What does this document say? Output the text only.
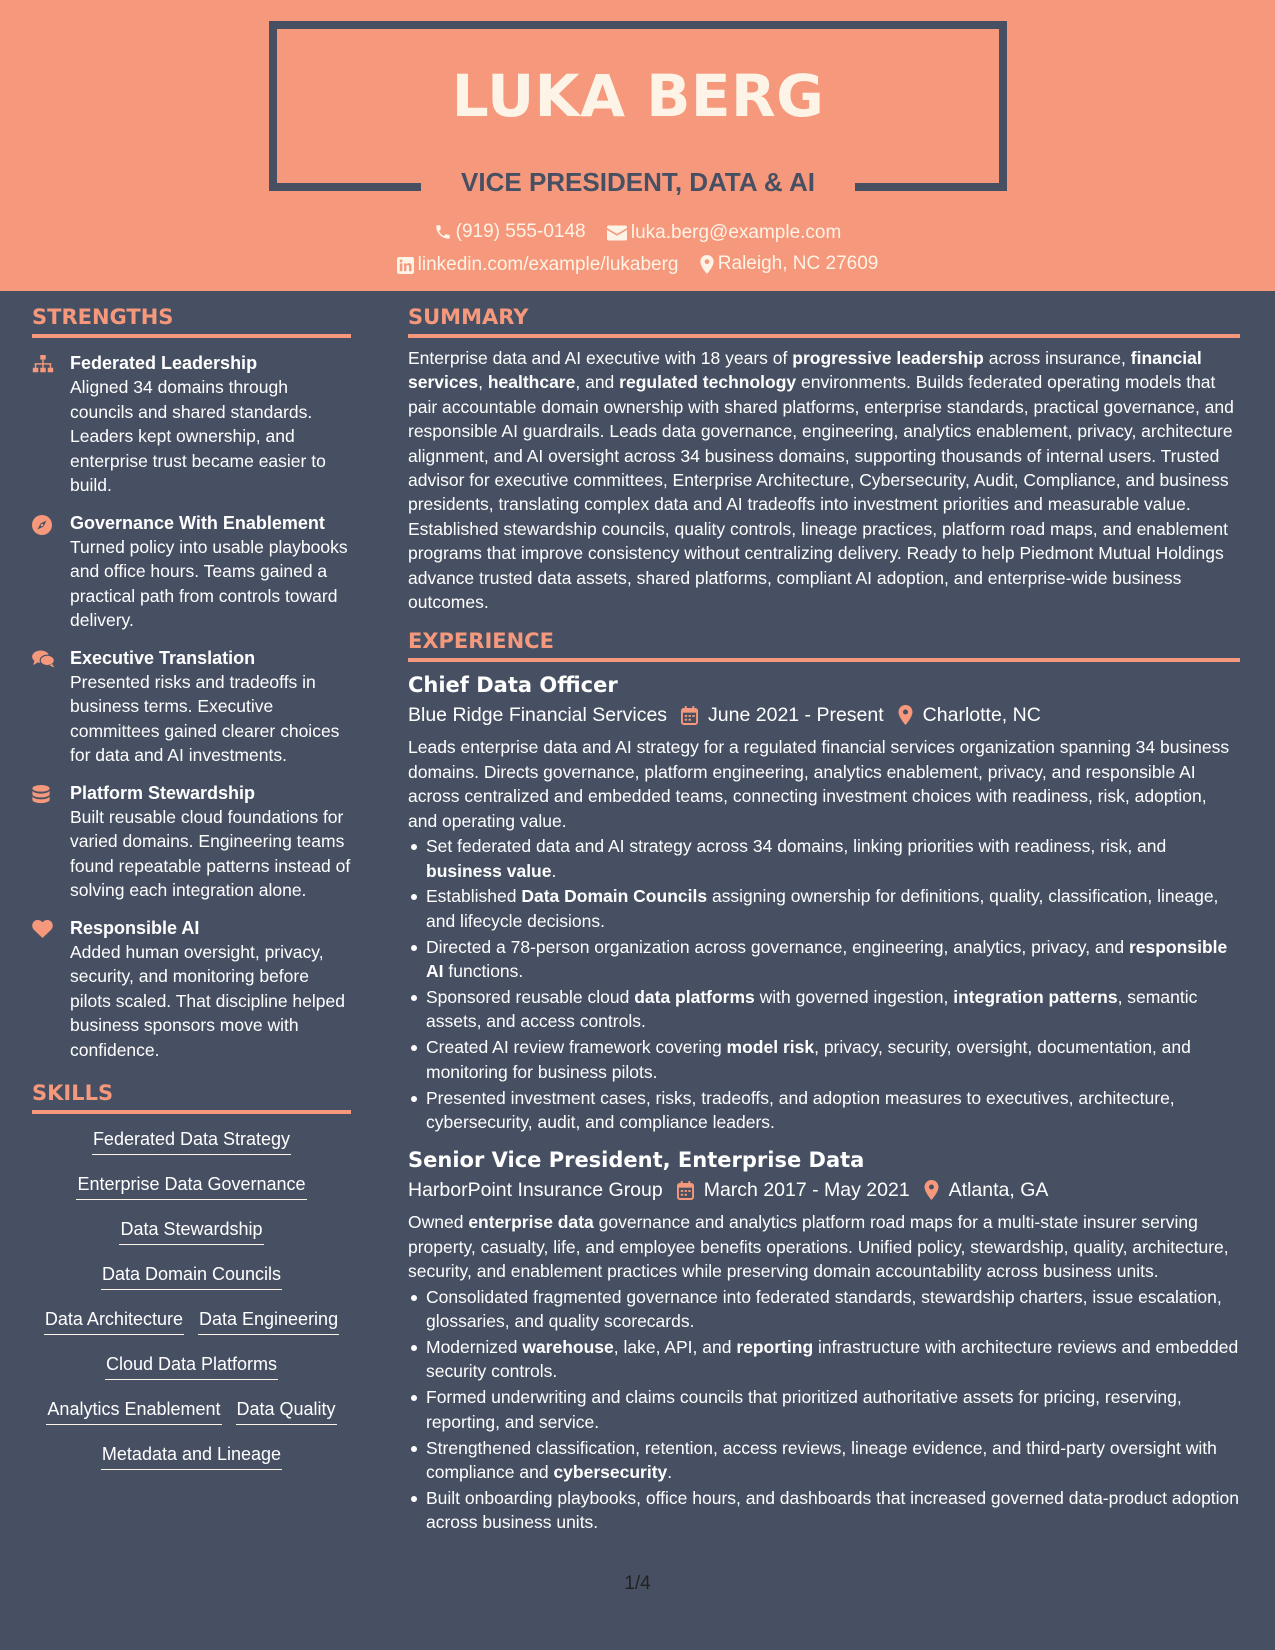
LUKA BERG
VICE PRESIDENT, DATA & AI
(919) 555-0148
luka.berg@example.com
linkedin.com/example/lukaberg
Raleigh, NC 27609
STRENGTHS
Federated Leadership
Aligned 34 domains through councils and shared standards. Leaders kept ownership, and enterprise trust became easier to build.
Governance With Enablement
Turned policy into usable playbooks and office hours. Teams gained a practical path from controls toward delivery.
Executive Translation
Presented risks and tradeoffs in business terms. Executive committees gained clearer choices for data and AI investments.
Platform Stewardship
Built reusable cloud foundations for varied domains. Engineering teams found repeatable patterns instead of solving each integration alone.
Responsible AI
Added human oversight, privacy, security, and monitoring before pilots scaled. That discipline helped business sponsors move with confidence.
SKILLS
Federated Data Strategy
Enterprise Data Governance
Data Stewardship
Data Domain Councils
Data Architecture Data Engineering
Cloud Data Platforms
Analytics Enablement Data Quality
Metadata and Lineage
SUMMARY
Enterprise data and AI executive with 18 years of progressive leadership across insurance, financial services, healthcare, and regulated technology environments. Builds federated operating models that pair accountable domain ownership with shared platforms, enterprise standards, practical governance, and responsible AI guardrails. Leads data governance, engineering, analytics enablement, privacy, architecture alignment, and AI oversight across 34 business domains, supporting thousands of internal users. Trusted advisor for executive committees, Enterprise Architecture, Cybersecurity, Audit, Compliance, and business presidents, translating complex data and AI tradeoffs into investment priorities and measurable value. Established stewardship councils, quality controls, lineage practices, platform road maps, and enablement programs that improve consistency without centralizing delivery. Ready to help Piedmont Mutual Holdings advance trusted data assets, shared platforms, compliant AI adoption, and enterprise-wide business outcomes.
EXPERIENCE
Chief Data Officer
Blue Ridge Financial Services June 2021 - Present Charlotte, NC
Leads enterprise data and AI strategy for a regulated financial services organization spanning 34 business domains. Directs governance, platform engineering, analytics enablement, privacy, and responsible AI across centralized and embedded teams, connecting investment choices with readiness, risk, adoption, and operating value.
Set federated data and AI strategy across 34 domains, linking priorities with readiness, risk, and business value.
Established Data Domain Councils assigning ownership for definitions, quality, classification, lineage, and lifecycle decisions.
Directed a 78-person organization across governance, engineering, analytics, privacy, and responsible AI functions.
Sponsored reusable cloud data platforms with governed ingestion, integration patterns, semantic assets, and access controls.
Created AI review framework covering model risk, privacy, security, oversight, documentation, and monitoring for business pilots.
Presented investment cases, risks, tradeoffs, and adoption measures to executives, architecture, cybersecurity, audit, and compliance leaders.
Senior Vice President, Enterprise Data
HarborPoint Insurance Group March 2017 - May 2021 Atlanta, GA
Owned enterprise data governance and analytics platform road maps for a multi-state insurer serving property, casualty, life, and employee benefits operations. Unified policy, stewardship, quality, architecture, security, and enablement practices while preserving domain accountability across business units.
Consolidated fragmented governance into federated standards, stewardship charters, issue escalation, glossaries, and quality scorecards.
Modernized warehouse, lake, API, and reporting infrastructure with architecture reviews and embedded security controls.
Formed underwriting and claims councils that prioritized authoritative assets for pricing, reserving, reporting, and service.
Strengthened classification, retention, access reviews, lineage evidence, and third-party oversight with compliance and cybersecurity.
Built onboarding playbooks, office hours, and dashboards that increased governed data-product adoption across business units.
1/4
